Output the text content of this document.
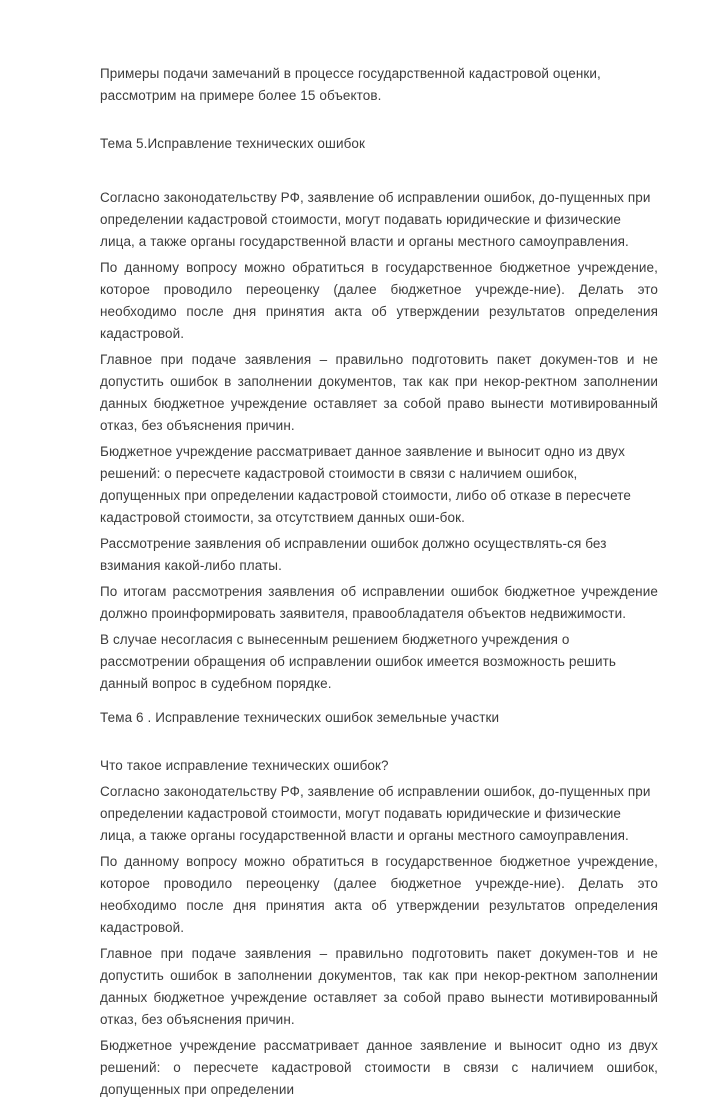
Примеры подачи замечаний в процессе государственной кадастровой оценки, рассмотрим на примере более 15 объектов.

Тема 5.Исправление технических ошибок

Согласно законодательству РФ, заявление об исправлении ошибок, до-пущенных при определении кадастровой стоимости, могут подавать юридические и физические лица, а также органы государственной власти и органы местного самоуправления.

По данному вопросу можно обратиться в государственное бюджетное учреждение, которое проводило переоценку (далее бюджетное учрежде-ние). Делать это необходимо после дня принятия акта об утверждении результатов определения кадастровой.

Главное при подаче заявления – правильно подготовить пакет докумен-тов и не допустить ошибок в заполнении документов, так как при некор-ректном заполнении данных бюджетное учреждение оставляет за собой право вынести мотивированный отказ, без объяснения причин.

Бюджетное учреждение рассматривает данное заявление и выносит одно из двух решений: о пересчете кадастровой стоимости в связи с наличием ошибок, допущенных при определении кадастровой стоимости, либо об отказе в пересчете кадастровой стоимости, за отсутствием данных оши-бок.

Рассмотрение заявления об исправлении ошибок должно осуществлять-ся без взимания какой-либо платы.

По итогам рассмотрения заявления об исправлении ошибок бюджетное учреждение должно проинформировать заявителя, правообладателя объектов недвижимости.

В случае несогласия с вынесенным решением бюджетного учреждения о рассмотрении обращения об исправлении ошибок имеется возможность решить данный вопрос в судебном порядке.

Тема 6 . Исправление технических ошибок земельные участки

Что такое исправление технических ошибок?

Согласно законодательству РФ, заявление об исправлении ошибок, до-пущенных при определении кадастровой стоимости, могут подавать юридические и физические лица, а также органы государственной власти и органы местного самоуправления.

По данному вопросу можно обратиться в государственное бюджетное учреждение, которое проводило переоценку (далее бюджетное учрежде-ние). Делать это необходимо после дня принятия акта об утверждении результатов определения кадастровой.

Главное при подаче заявления – правильно подготовить пакет докумен-тов и не допустить ошибок в заполнении документов, так как при некор-ректном заполнении данных бюджетное учреждение оставляет за собой право вынести мотивированный отказ, без объяснения причин.

Бюджетное учреждение рассматривает данное заявление и выносит одно из двух решений: о пересчете кадастровой стоимости в связи с наличием ошибок, допущенных при определении
